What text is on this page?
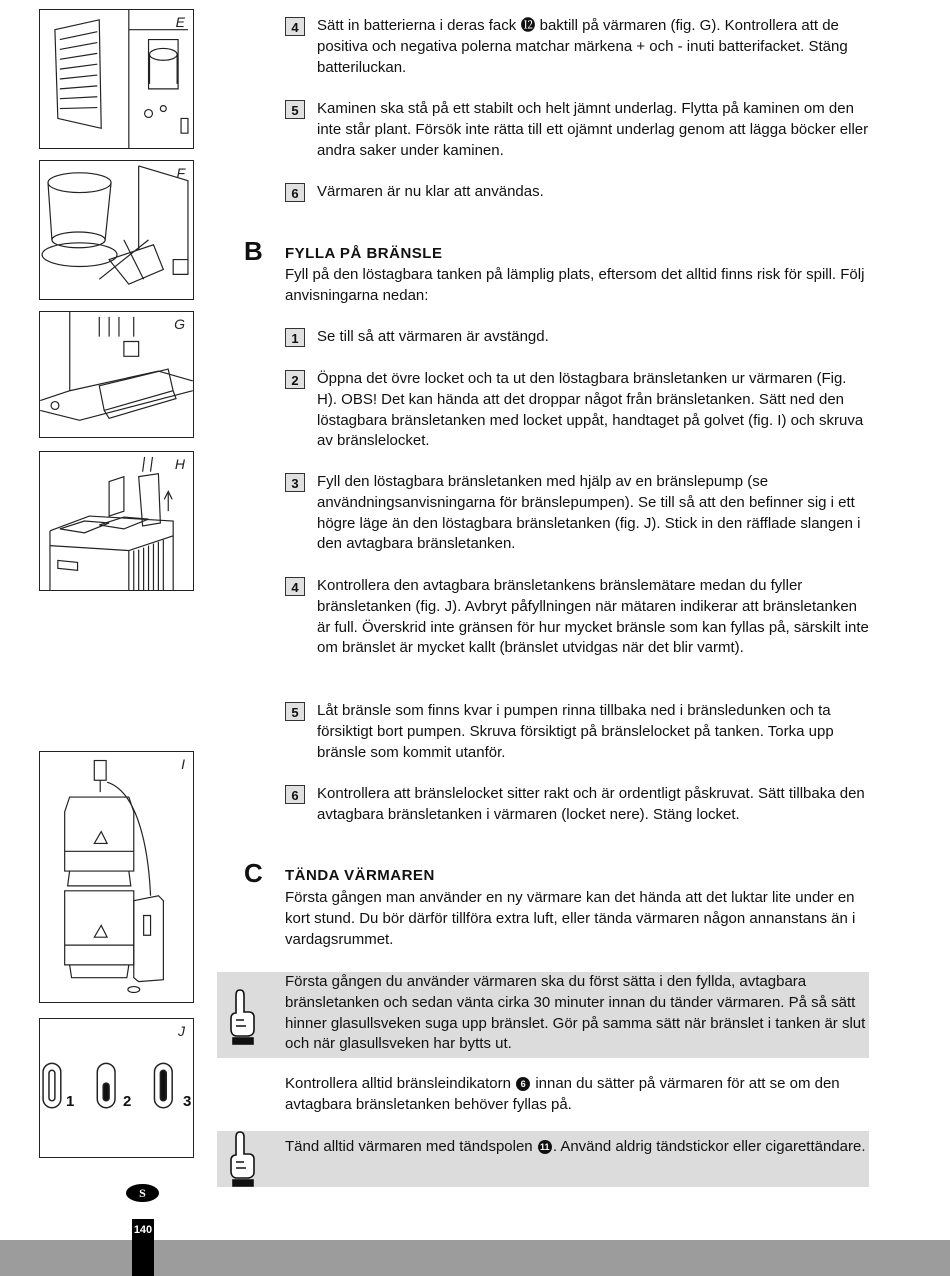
E
F
G
H
I
J
1	2	3
4	Sätt in batterierna i deras fack ⓬ baktill på värmaren (fig. G). Kontrollera att de positiva och negativa polerna matchar märkena + och - inuti batterifacket. Stäng batteriluckan.
5	Kaminen ska stå på ett stabilt och helt jämnt underlag. Flytta på kaminen om den inte står plant. Försök inte rätta till ett ojämnt underlag genom att lägga böcker eller andra saker under kaminen.
6	Värmaren är nu klar att användas.
B FYLLA PÅ BRÄNSLE
Fyll på den löstagbara tanken på lämplig plats, eftersom det alltid finns risk för spill. Följ anvisningarna nedan:
1	Se till så att värmaren är avstängd.
2	Öppna det övre locket och ta ut den löstagbara bränsletanken ur värmaren (Fig. H). OBS! Det kan hända att det droppar något från bränsletanken. Sätt ned den löstagbara bränsletanken med locket uppåt, handtaget på golvet (fig. I) och skruva av bränslelocket.
3	Fyll den löstagbara bränsletanken med hjälp av en bränslepump (se användningsanvisningarna för bränslepumpen). Se till så att den befinner sig i ett högre läge än den löstagbara bränsletanken (fig. J). Stick in den räfflade slangen i den avtagbara bränsletanken.
4	Kontrollera den avtagbara bränsletankens bränslemätare medan du fyller bränsletanken (fig. J). Avbryt påfyllningen när mätaren indikerar att bränsletanken är full. Överskrid inte gränsen för hur mycket bränsle som kan fyllas på, särskilt inte om bränslet är mycket kallt (bränslet utvidgas när det blir varmt).
5	Låt bränsle som finns kvar i pumpen rinna tillbaka ned i bränsledunken och ta försiktigt bort pumpen. Skruva försiktigt på bränslelocket på tanken. Torka upp bränsle som kommit utanför.
6	Kontrollera att bränslelocket sitter rakt och är ordentligt påskruvat. Sätt tillbaka den avtagbara bränsletanken i värmaren (locket nere). Stäng locket.
C TÄNDA VÄRMAREN
Första gången man använder en ny värmare kan det hända att det luktar lite under en kort stund. Du bör därför tillföra extra luft, eller tända värmaren någon annanstans än i vardagsrummet.
Första gången du använder värmaren ska du först sätta i den fyllda, avtagbara bränsletanken och sedan vänta cirka 30 minuter innan du tänder värmaren. På så sätt hinner glasullsveken suga upp bränslet. Gör på samma sätt när bränslet i tanken är slut och när glasullsveken har bytts ut.
Kontrollera alltid bränsleindikatorn 6 innan du sätter på värmaren för att se om den avtagbara bränsletanken behöver fyllas på.
Tänd alltid värmaren med tändspolen 11 . Använd aldrig tändstickor eller cigarettändare.
S
140
